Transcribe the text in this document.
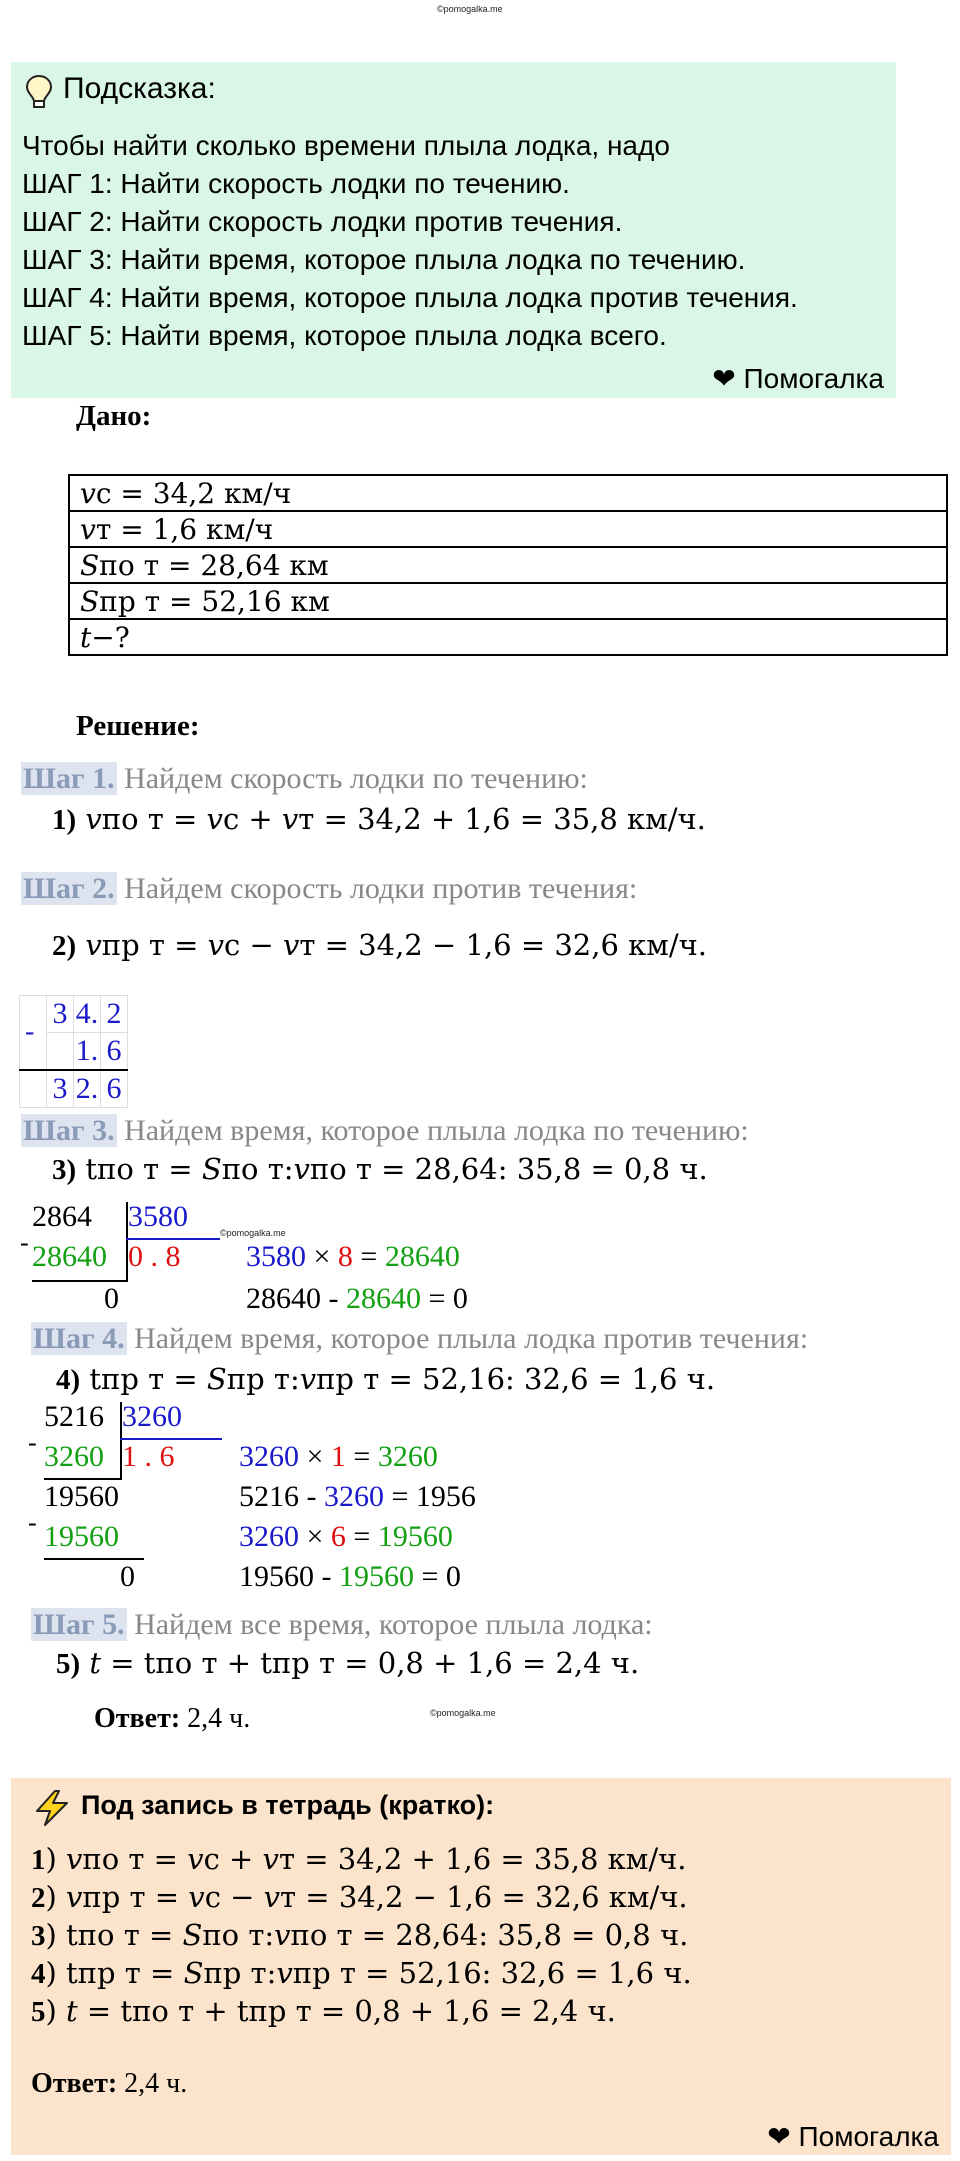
©pomogalka.me
Подсказка:
Чтобы найти сколько времени плыла лодка, надо
ШАГ 1: Найти скорость лодки по течению.
ШАГ 2: Найти скорость лодки против течения.
ШАГ 3: Найти время, которое плыла лодка по течению.
ШАГ 4: Найти время, которое плыла лодка против течения.
ШАГ 5: Найти время, которое плыла лодка всего.
❤ Помогалка
Дано:
𝑣с = 34,2 км/ч
𝑣т = 1,6 км/ч
𝑆по т = 28,64 км
𝑆пр т = 52,16 км
𝑡−?
Решение:
Шаг 1. Найдем скорость лодки по течению:
1) 𝑣по т = 𝑣с + 𝑣т = 34,2 + 1,6 = 35,8 км/ч.
Шаг 2. Найдем скорость лодки против течения:
2) 𝑣пр т = 𝑣с − 𝑣т = 34,2 − 1,6 = 32,6 км/ч.
	3	4.	2
		1.	6
	3	2.	6
-
Шаг 3. Найдем время, которое плыла лодка по течению:
3) tпо т = 𝑆по т:𝑣по т = 28,64: 35,8 = 0,8 ч.
2864 3580
- 28640 0 . 8
0
©pomogalka.me
3580 × 8 = 28640
28640 - 28640 = 0
Шаг 4. Найдем время, которое плыла лодка против течения:
4) tпр т = 𝑆пр т:𝑣пр т = 52,16: 32,6 = 1,6 ч.
5216 3260
- 3260 1 . 6
19560
- 19560
0
3260 × 1 = 3260
5216 - 3260 = 1956
3260 × 6 = 19560
19560 - 19560 = 0
Шаг 5. Найдем все время, которое плыла лодка:
5) 𝑡 = tпо т + tпр т = 0,8 + 1,6 = 2,4 ч.
Ответ: 2,4 ч.	©pomogalka.me
Под запись в тетрадь (кратко):
1) 𝑣по т = 𝑣с + 𝑣т = 34,2 + 1,6 = 35,8 км/ч.
2) 𝑣пр т = 𝑣с − 𝑣т = 34,2 − 1,6 = 32,6 км/ч.
3) tпо т = 𝑆по т:𝑣по т = 28,64: 35,8 = 0,8 ч.
4) tпр т = 𝑆пр т:𝑣пр т = 52,16: 32,6 = 1,6 ч.
5) 𝑡 = tпо т + tпр т = 0,8 + 1,6 = 2,4 ч.
Ответ: 2,4 ч.
❤ Помогалка
